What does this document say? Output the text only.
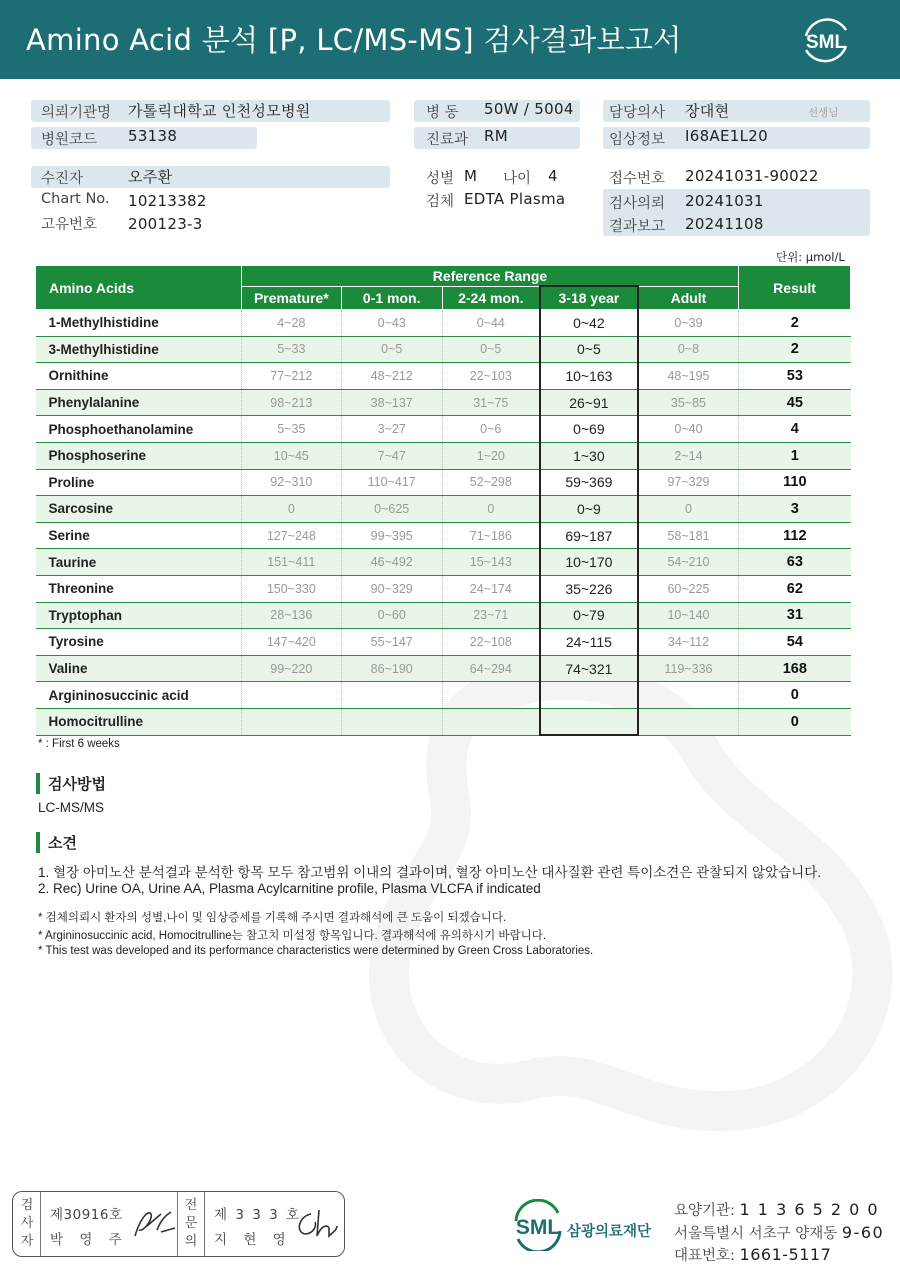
Amino Acid 분석 [P, LC/MS-MS] 검사결과보고서	SML
의뢰기관명 가톨릭대학교 인천성모병원
병원코드 53138
병 동 50W / 5004
진료과 RM
담당의사 장대현	선생님
임상정보 I68AE1L20
수진자	오주환
Chart No. 10213382
고유번호 200123-3
성별 M 나이 4
검체 EDTA Plasma
접수번호 20241031-90022
검사의뢰 20241031
결과보고 20241108
단위: μmol/L
Amino Acids	Reference Range					Result
	Premature*	0-1 mon.	2-24 mon.	3-18 year	Adult	
1-Methylhistidine	4~28	0~43	0~44	0~42	0~39	2
3-Methylhistidine	5~33	0~5	0~5	0~5	0~8	2
Ornithine	77~212	48~212	22~103	10~163	48~195	53
Phenylalanine	98~213	38~137	31~75	26~91	35~85	45
Phosphoethanolamine	5~35	3~27	0~6	0~69	0~40	4
Phosphoserine	10~45	7~47	1~20	1~30	2~14	1
Proline	92~310	110~417	52~298	59~369	97~329	110
Sarcosine	0	0~625	0	0~9	0	3
Serine	127~248	99~395	71~186	69~187	58~181	112
Taurine	151~411	46~492	15~143	10~170	54~210	63
Threonine	150~330	90~329	24~174	35~226	60~225	62
Tryptophan	28~136	0~60	23~71	0~79	10~140	31
Tyrosine	147~420	55~147	22~108	24~115	34~112	54
Valine	99~220	86~190	64~294	74~321	119~336	168
Argininosuccinic acid						0
Homocitrulline						0
* : First 6 weeks
검사방법
LC-MS/MS
소견
1. 혈장 아미노산 분석결과 분석한 항목 모두 참고범위 이내의 결과이며, 혈장 아미노산 대사질환 관련 특이소견은 관찰되지 않았습니다.
2. Rec) Urine OA, Urine AA, Plasma Acylcarnitine profile, Plasma VLCFA if indicated
* 검체의뢰시 환자의 성별,나이 및 임상증세를 기록해 주시면 결과해석에 큰 도움이 되겠습니다.
* Argininosuccinic acid, Homocitrulline는 참고치 미설정 항목입니다. 결과해석에 유의하시기 바랍니다.
* This test was developed and its performance characteristics were determined by Green Cross Laboratories.
검
사
자
제30916호
박 영 주
전
문
의
제 3 3 3 호
지 현 영
SML 삼광의료재단
요양기관: 1 1 3 6 5 2 0 0
서울특별시 서초구 양재동 9-60
대표번호: 1661-5117
